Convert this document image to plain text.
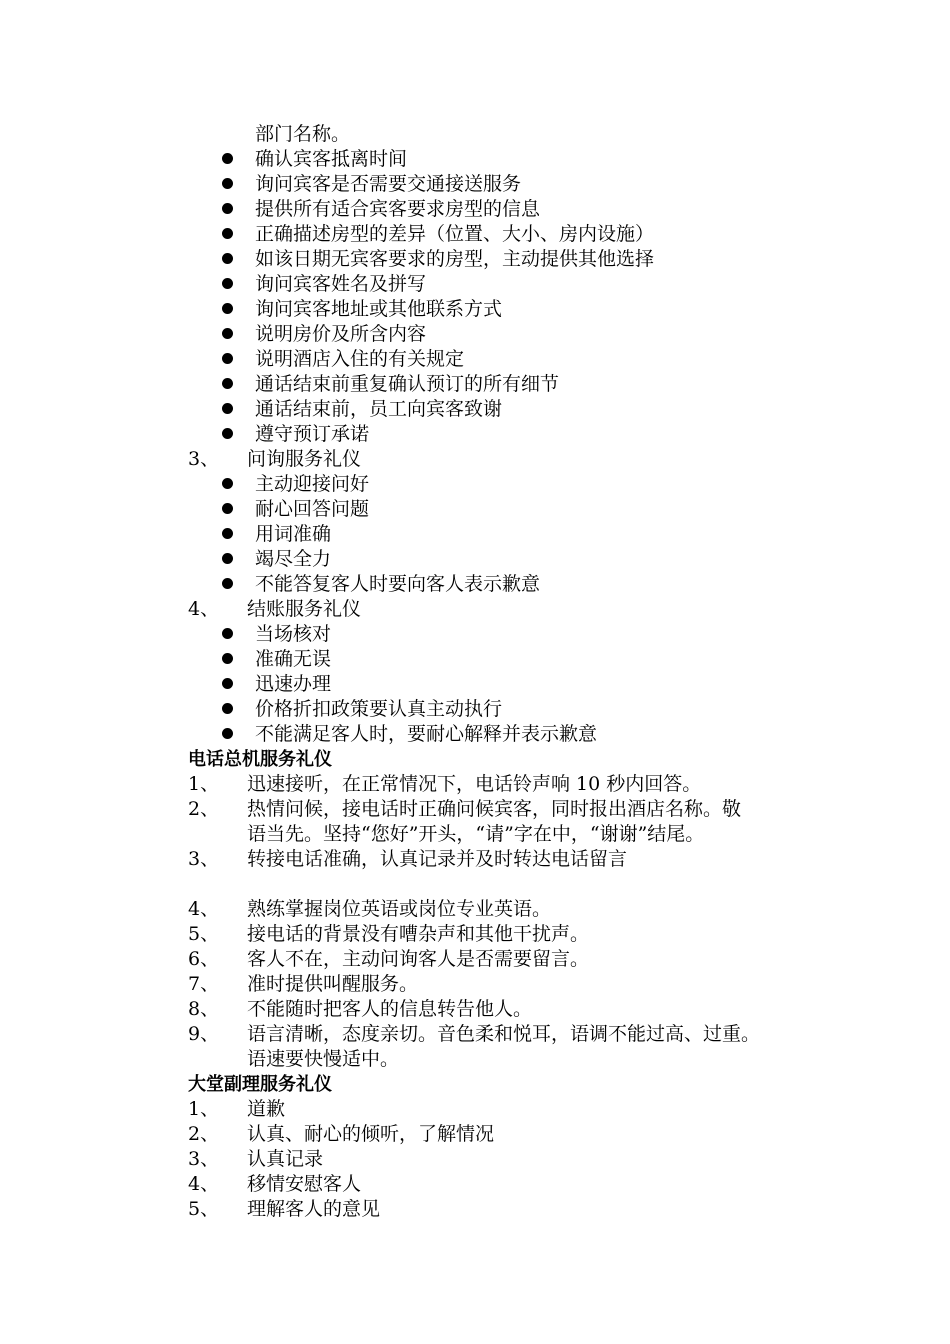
部门名称。
确认宾客抵离时间
询问宾客是否需要交通接送服务
提供所有适合宾客要求房型的信息
正确描述房型的差异（位置、大小、房内设施）
如该日期无宾客要求的房型，主动提供其他选择
询问宾客姓名及拼写
询问宾客地址或其他联系方式
说明房价及所含内容
说明酒店入住的有关规定
通话结束前重复确认预订的所有细节
通话结束前，员工向宾客致谢
遵守预订承诺
3、 问询服务礼仪
主动迎接问好
耐心回答问题
用词准确
竭尽全力
不能答复客人时要向客人表示歉意
4、 结账服务礼仪
当场核对
准确无误
迅速办理
价格折扣政策要认真主动执行
不能满足客人时，要耐心解释并表示歉意
电话总机服务礼仪
1、 迅速接听，在正常情况下，电话铃声响 10 秒内回答。
2、 热情问候，接电话时正确问候宾客，同时报出酒店名称。敬
语当先。坚持“您好”开头，“请”字在中，“谢谢”结尾。
3、 转接电话准确，认真记录并及时转达电话留言
4、 熟练掌握岗位英语或岗位专业英语。
5、 接电话的背景没有嘈杂声和其他干扰声。
6、 客人不在，主动问询客人是否需要留言。
7、 准时提供叫醒服务。
8、 不能随时把客人的信息转告他人。
9、 语言清晰，态度亲切。音色柔和悦耳，语调不能过高、过重。
语速要快慢适中。
大堂副理服务礼仪
1、 道歉
2、 认真、耐心的倾听，了解情况
3、 认真记录
4、 移情安慰客人
5、 理解客人的意见
